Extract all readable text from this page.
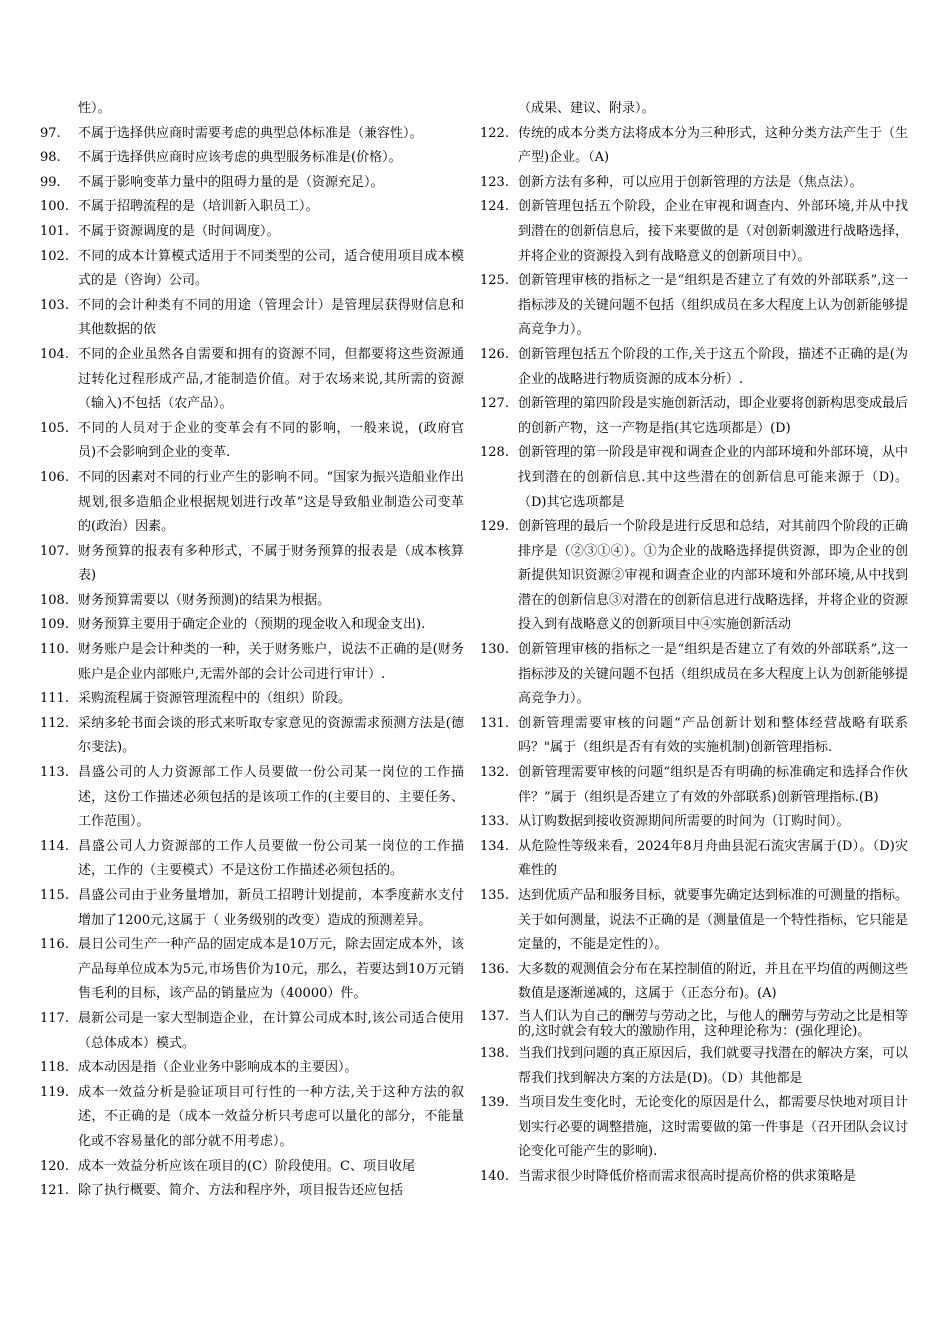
性）。
97.	不属于选择供应商时需要考虑的典型总体标准是（兼容性）。
98.	不属于选择供应商时应该考虑的典型服务标准是(价格）。
99.	不属于影响变革力量中的阻碍力量的是（资源充足）。
100. 不属于招聘流程的是（培训新入职员工）。
101. 不属于资源调度的是（时间调度）。
102. 不同的成本计算模式适用于不同类型的公司，适合使用项目成本模式的是（咨询）公司。
103. 不同的会计种类有不同的用途（管理会计）是管理层获得财信息和其他数据的依
104. 不同的企业虽然各自需要和拥有的资源不同，但都要将这些资源通过转化过程形成产品,才能制造价值。对于农场来说,其所需的资源（输入)不包括（农产品）。
105. 不同的人员对于企业的变革会有不同的影响，一般来说，(政府官员)不会影响到企业的变革.
106. 不同的因素对不同的行业产生的影响不同。“国家为振兴造船业作出规划,很多造船企业根据规划进行改革”这是导致船业制造公司变革的(政治）因素。
107. 财务预算的报表有多种形式，不属于财务预算的报表是（成本核算表)
108. 财务预算需要以（财务预测)的结果为根据。
109. 财务预算主要用于确定企业的（预期的现金收入和现金支出).
110. 财务账户是会计种类的一种，关于财务账户，说法不正确的是(财务账户是企业内部账户,无需外部的会计公司进行审计）.
111. 采购流程属于资源管理流程中的（组织）阶段。
112. 采纳多轮书面会谈的形式来听取专家意见的资源需求预测方法是(德尔斐法)。
113. 昌盛公司的人力资源部工作人员要做一份公司某一岗位的工作描述，这份工作描述必须包括的是该项工作的(主要目的、主要任务、工作范围）。
114. 昌盛公司人力资源部的工作人员要做一份公司某一岗位的工作描述，工作的（主要模式）不是这份工作描述必须包括的。
115. 昌盛公司由于业务量增加，新员工招聘计划提前，本季度薪水支付增加了1200元,这属于（ 业务级别的改变）造成的预测差异。
116. 晨日公司生产一种产品的固定成本是10万元，除去固定成本外，该产品每单位成本为5元,市场售价为10元，那么，若要达到10万元销售毛利的目标，该产品的销量应为（40000）件。
117. 晨新公司是一家大型制造企业，在计算公司成本时,该公司适合使用（总体成本）模式。
118. 成本动因是指（企业业务中影响成本的主要因）。
119. 成本一效益分析是验证项目可行性的一种方法,关于这种方法的叙述，不正确的是（成本一效益分析只考虑可以量化的部分，不能量化或不容易量化的部分就不用考虑）。
120. 成本一效益分析应该在项目的(C）阶段使用。C、项目收尾
121. 除了执行概要、简介、方法和程序外，项目报告还应包括
（成果、建议、附录）。
122. 传统的成本分类方法将成本分为三种形式，这种分类方法产生于（生产型)企业。（A)
123. 创新方法有多种，可以应用于创新管理的方法是（焦点法）。
124. 创新管理包括五个阶段，企业在审视和调查内、外部环境,并从中找到潜在的创新信息后，接下来要做的是（对创新刺激进行战略选择，并将企业的资源投入到有战略意义的创新项目中）。
125. 创新管理审核的指标之一是“组织是否建立了有效的外部联系”,这一指标涉及的关键问题不包括（组织成员在多大程度上认为创新能够提高竞争力）。
126. 创新管理包括五个阶段的工作,关于这五个阶段，描述不正确的是(为企业的战略进行物质资源的成本分析）.
127. 创新管理的第四阶段是实施创新活动，即企业要将创新构思变成最后的创新产物，这一产物是指(其它选项都是）(D)
128. 创新管理的第一阶段是审视和调查企业的内部环境和外部环境，从中找到潜在的创新信息.其中这些潜在的创新信息可能来源于（D)。（D)其它选项都是
129. 创新管理的最后一个阶段是进行反思和总结，对其前四个阶段的正确排序是（②③①④）。①为企业的战略选择提供资源，即为企业的创新提供知识资源②审视和调查企业的内部环境和外部环境,从中找到潜在的创新信息③对潜在的创新信息进行战略选择，并将企业的资源投入到有战略意义的创新项目中④实施创新活动
130. 创新管理审核的指标之一是“组织是否建立了有效的外部联系”,这一指标涉及的关键问题不包括（组织成员在多大程度上认为创新能够提高竞争力）。
131. 创新管理需要审核的问题“产品创新计划和整体经营战略有联系吗？"属于（组织是否有有效的实施机制)创新管理指标.
132. 创新管理需要审核的问题“组织是否有明确的标准确定和选择合作伙伴？”属于（组织是否建立了有效的外部联系)创新管理指标.(B)
133. 从订购数据到接收资源期间所需要的时间为（订购时间）。
134. 从危险性等级来看，2024年8月舟曲县泥石流灾害属于(D）。（D)灾难性的
135. 达到优质产品和服务目标，就要事先确定达到标准的可测量的指标。关于如何测量，说法不正确的是（测量值是一个特性指标，它只能是定量的，不能是定性的）。
136. 大多数的观测值会分布在某控制值的附近，并且在平均值的两侧这些数值是逐渐递减的，这属于（正态分布)。(A)
137. 当人们认为自己的酬劳与劳动之比，与他人的酬劳与劳动之比是相等的,这时就会有较大的激励作用，这种理论称为：(强化理论)。
138. 当我们找到问题的真正原因后，我们就要寻找潜在的解决方案，可以帮我们找到解决方案的方法是(D)。（D）其他都是
139. 当项目发生变化时，无论变化的原因是什么，都需要尽快地对项目计划实行必要的调整措施，这时需要做的第一件事是（召开团队会议讨论变化可能产生的影响).
140. 当需求很少时降低价格而需求很高时提高价格的供求策略是
